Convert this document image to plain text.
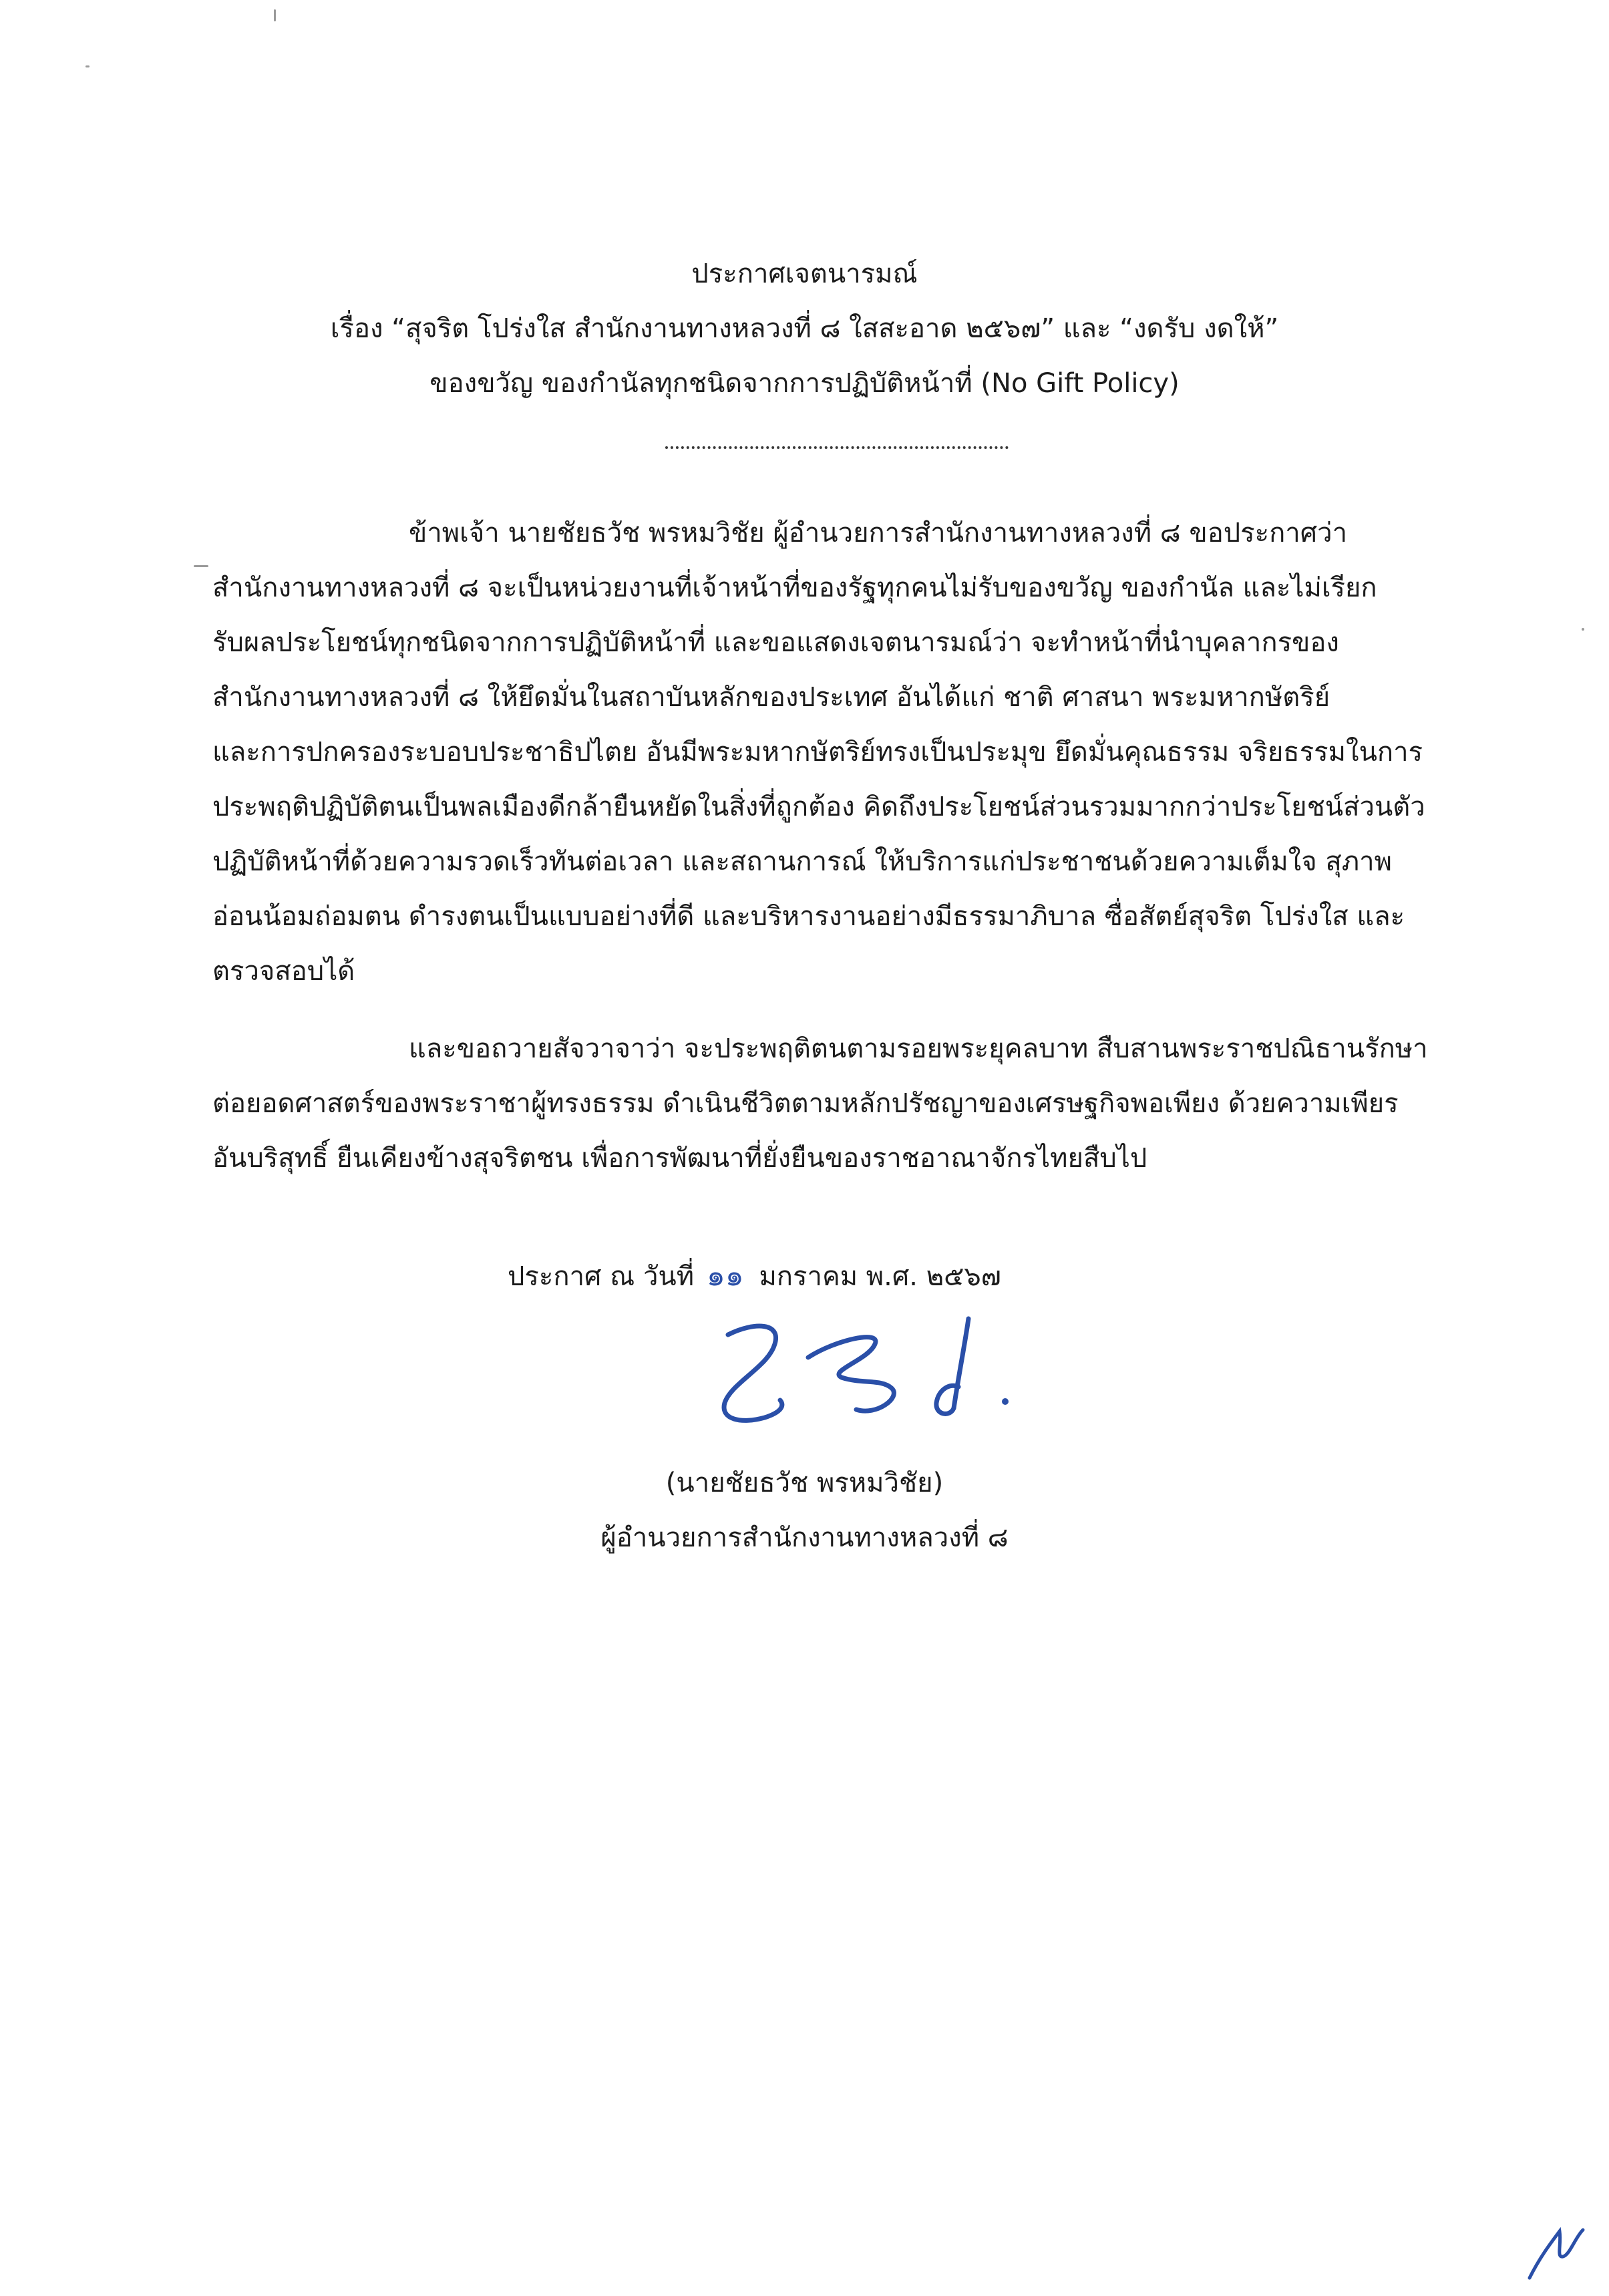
ประกาศเจตนารมณ์
เรื่อง “สุจริต โปร่งใส สำนักงานทางหลวงที่ ๘ ใสสะอาด ๒๕๖๗” และ “งดรับ งดให้”
ของขวัญ ของกำนัลทุกชนิดจากการปฏิบัติหน้าที่ (No Gift Policy)
ข้าพเจ้า นายชัยธวัช พรหมวิชัย ผู้อำนวยการสำนักงานทางหลวงที่ ๘ ขอประกาศว่า
สำนักงานทางหลวงที่ ๘ จะเป็นหน่วยงานที่เจ้าหน้าที่ของรัฐทุกคนไม่รับของขวัญ ของกำนัล และไม่เรียก
รับผลประโยชน์ทุกชนิดจากการปฏิบัติหน้าที่ และขอแสดงเจตนารมณ์ว่า จะทำหน้าที่นำบุคลากรของ
สำนักงานทางหลวงที่ ๘ ให้ยึดมั่นในสถาบันหลักของประเทศ อันได้แก่ ชาติ ศาสนา พระมหากษัตริย์
และการปกครองระบอบประชาธิปไตย อันมีพระมหากษัตริย์ทรงเป็นประมุข ยึดมั่นคุณธรรม จริยธรรมในการ
ประพฤติปฏิบัติตนเป็นพลเมืองดีกล้ายืนหยัดในสิ่งที่ถูกต้อง คิดถึงประโยชน์ส่วนรวมมากกว่าประโยชน์ส่วนตัว
ปฏิบัติหน้าที่ด้วยความรวดเร็วทันต่อเวลา และสถานการณ์ ให้บริการแก่ประชาชนด้วยความเต็มใจ สุภาพ
อ่อนน้อมถ่อมตน ดำรงตนเป็นแบบอย่างที่ดี และบริหารงานอย่างมีธรรมาภิบาล ซื่อสัตย์สุจริต โปร่งใส และ
ตรวจสอบได้
และขอถวายสัจวาจาว่า จะประพฤติตนตามรอยพระยุคลบาท สืบสานพระราชปณิธานรักษา
ต่อยอดศาสตร์ของพระราชาผู้ทรงธรรม ดำเนินชีวิตตามหลักปรัชญาของเศรษฐกิจพอเพียง ด้วยความเพียร
อันบริสุทธิ์ ยืนเคียงข้างสุจริตชน เพื่อการพัฒนาที่ยั่งยืนของราชอาณาจักรไทยสืบไป
ประกาศ ณ วันที่ ๑๑ มกราคม พ.ศ. ๒๕๖๗
(นายชัยธวัช พรหมวิชัย)
ผู้อำนวยการสำนักงานทางหลวงที่ ๘
